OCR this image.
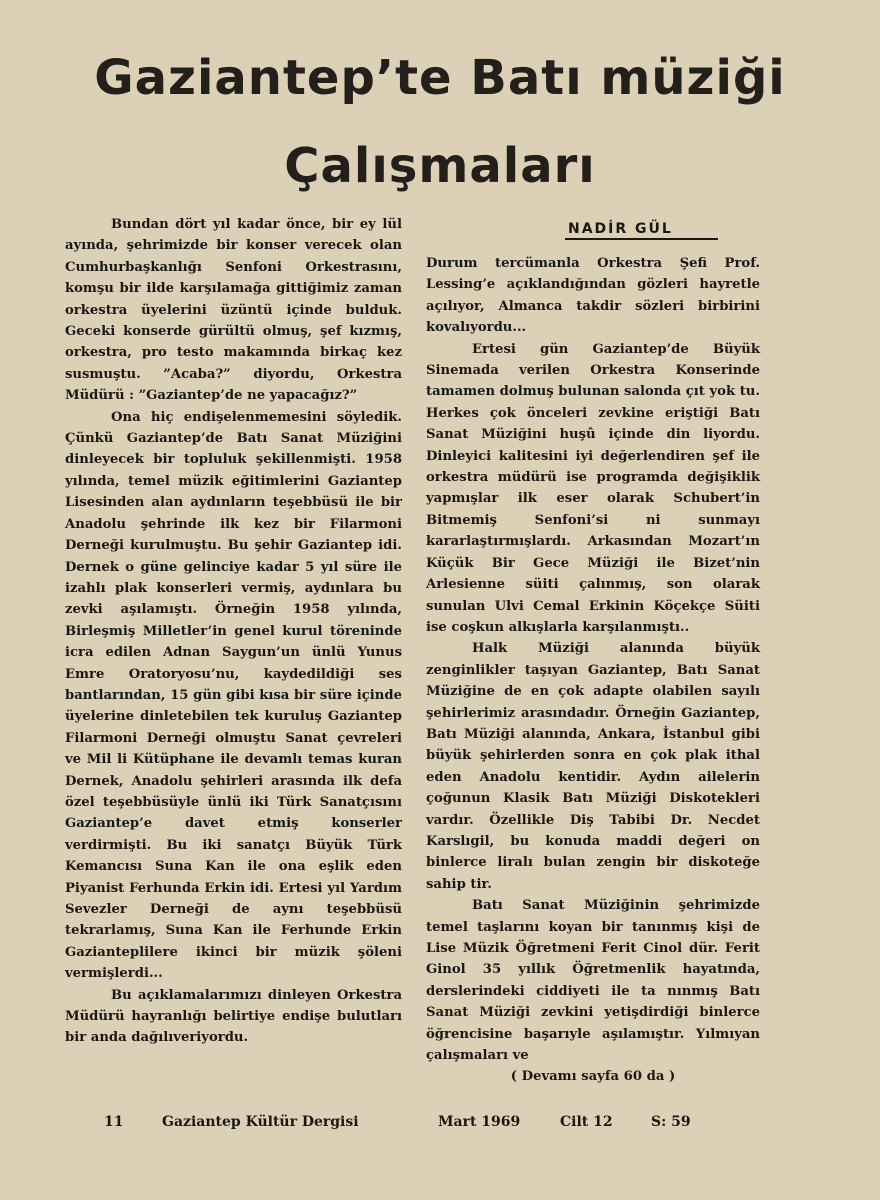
Gaziantep’te Batı müziği
Çalışmaları
NADİR GÜL

Bundan dört yıl kadar önce, bir ey lül ayında, şehrimizde bir konser verecek olan Cumhurbaşkanlığı Senfoni Orkestrasını, komşu bir ilde karşılamağa gittiğimiz zaman orkestra üyelerini üzüntü içinde bulduk. Geceki konserde gürültü olmuş, şef kızmış, orkestra, pro testo makamında birkaç kez susmuştu. ”Acaba?” diyordu, Orkestra Müdürü : ”Gaziantep’de ne yapacağız?”

Ona hiç endişelenmemesini söyledik. Çünkü Gaziantep’de Batı Sanat Müziğini dinleyecek bir topluluk şekillenmişti. 1958 yılında, temel müzik eğitimlerini Gaziantep Lisesinden alan aydınların teşebbüsü ile bir Anadolu şehrinde ilk kez bir Filarmoni Derneği kurulmuştu. Bu şehir Gaziantep idi. Dernek o güne gelinciye kadar 5 yıl süre ile izahlı plak konserleri vermiş, aydınlara bu zevki aşılamıştı. Örneğin 1958 yılında, Birleşmiş Milletler’in genel kurul töreninde icra edilen Adnan Saygun’un ünlü Yunus Emre Oratoryosu’nu, kaydedildiği ses bantlarından, 15 gün gibi kısa bir süre içinde üyelerine dinletebilen tek kuruluş Gaziantep Filarmoni Derneği olmuştu Sanat çevreleri ve Mil li Kütüphane ile devamlı temas kuran Dernek, Anadolu şehirleri arasında ilk defa özel teşebbüsüyle ünlü iki Türk Sanatçısını Gaziantep’e davet etmiş konserler verdirmişti. Bu iki sanatçı Büyük Türk Kemancısı Suna Kan ile ona eşlik eden Piyanist Ferhunda Erkin idi. Ertesi yıl Yardım Sevezler Derneği de aynı teşebbüsü tekrarlamış, Suna Kan ile Ferhunde Erkin Gazianteplilere ikinci bir müzik şöleni vermişlerdi...

Bu açıklamalarımızı dinleyen Orkestra Müdürü hayranlığı belirtiye endişe bulutları bir anda dağılıveriyordu.

Durum tercümanla Orkestra Şefi Prof. Lessing’e açıklandığından gözleri hayretle açılıyor, Almanca takdir sözleri birbirini kovalıyordu...

Ertesi gün Gaziantep’de Büyük Sinemada verilen Orkestra Konserinde tamamen dolmuş bulunan salonda çıt yok tu. Herkes çok önceleri zevkine eriştiği Batı Sanat Müziğini huşû içinde din liyordu. Dinleyici kalitesini iyi değerlendiren şef ile orkestra müdürü ise programda değişiklik yapmışlar ilk eser olarak Schubert’in Bitmemiş Senfoni’si ni sunmayı kararlaştırmışlardı. Arkasından Mozart’ın Küçük Bir Gece Müziği ile Bizet’nin Arlesienne süiti çalınmış, son olarak sunulan Ulvi Cemal Erkinin Köçekçe Süiti ise coşkun alkışlarla karşılanmıştı..

Halk Müziği alanında büyük zenginlikler taşıyan Gaziantep, Batı Sanat Müziğine de en çok adapte olabilen sayılı şehirlerimiz arasındadır. Örneğin Gaziantep, Batı Müziği alanında, Ankara, İstanbul gibi büyük şehirlerden sonra en çok plak ithal eden Anadolu kentidir. Aydın ailelerin çoğunun Klasik Batı Müziği Diskotekleri vardır. Özellikle Diş Tabibi Dr. Necdet Karslıgil, bu konuda maddi değeri on binlerce liralı bulan zengin bir diskoteğe sahip tir.

Batı Sanat Müziğinin şehrimizde temel taşlarını koyan bir tanınmış kişi de Lise Müzik Öğretmeni Ferit Cinol dür. Ferit Ginol 35 yıllık Öğretmenlik hayatında, derslerindeki ciddiyeti ile ta nınmış Batı Sanat Müziği zevkini yetişdirdiği binlerce öğrencisine başarıyle aşılamıştır. Yılmıyan çalışmaları ve

( Devamı sayfa 60 da )

11	Gaziantep Kültür Dergisi	Mart 1969	Cilt 12	S: 59
